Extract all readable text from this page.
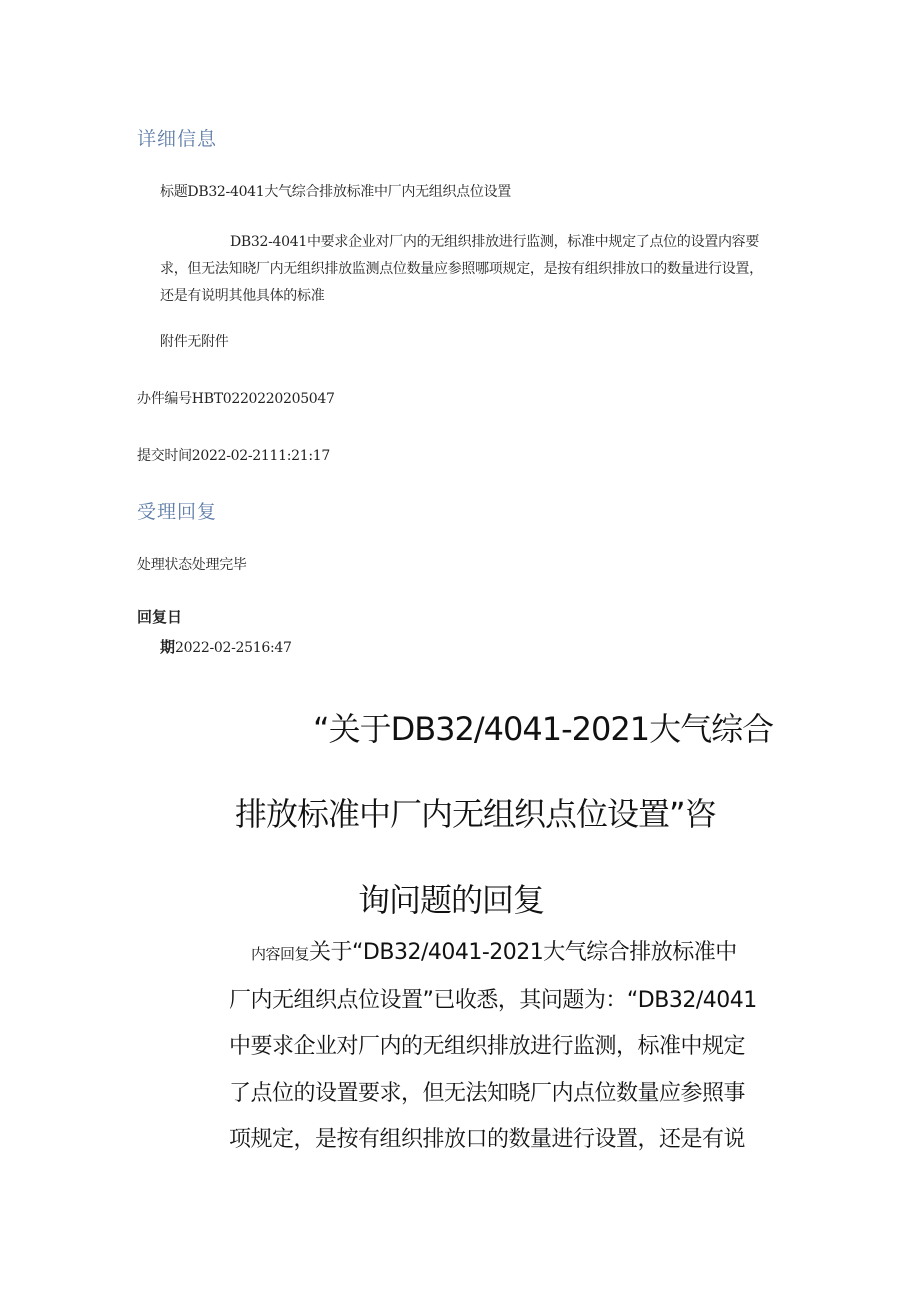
详细信息
标题DB32-4041大气综合排放标准中厂内无组织点位设置
DB32-4041中要求企业对厂内的无组织排放进行监测，标准中规定了点位的设置内容要求，但无法知晓厂内无组织排放监测点位数量应参照哪项规定，是按有组织排放口的数量进行设置，还是有说明其他具体的标准
附件无附件
办件编号HBT0220220205047
提交时间2022-02-2111:21:17
受理回复
处理状态处理完毕
回复日
期2022-02-2516:47
“关于DB32/4041-2021大气综合
排放标准中厂内无组织点位设置”咨
询问题的回复
内容回复关于“DB32/4041-2021大气综合排放标准中
厂内无组织点位设置”已收悉，其问题为：“DB32/4041
中要求企业对厂内的无组织排放进行监测，标准中规定
了点位的设置要求，但无法知晓厂内点位数量应参照事
项规定，是按有组织排放口的数量进行设置，还是有说
